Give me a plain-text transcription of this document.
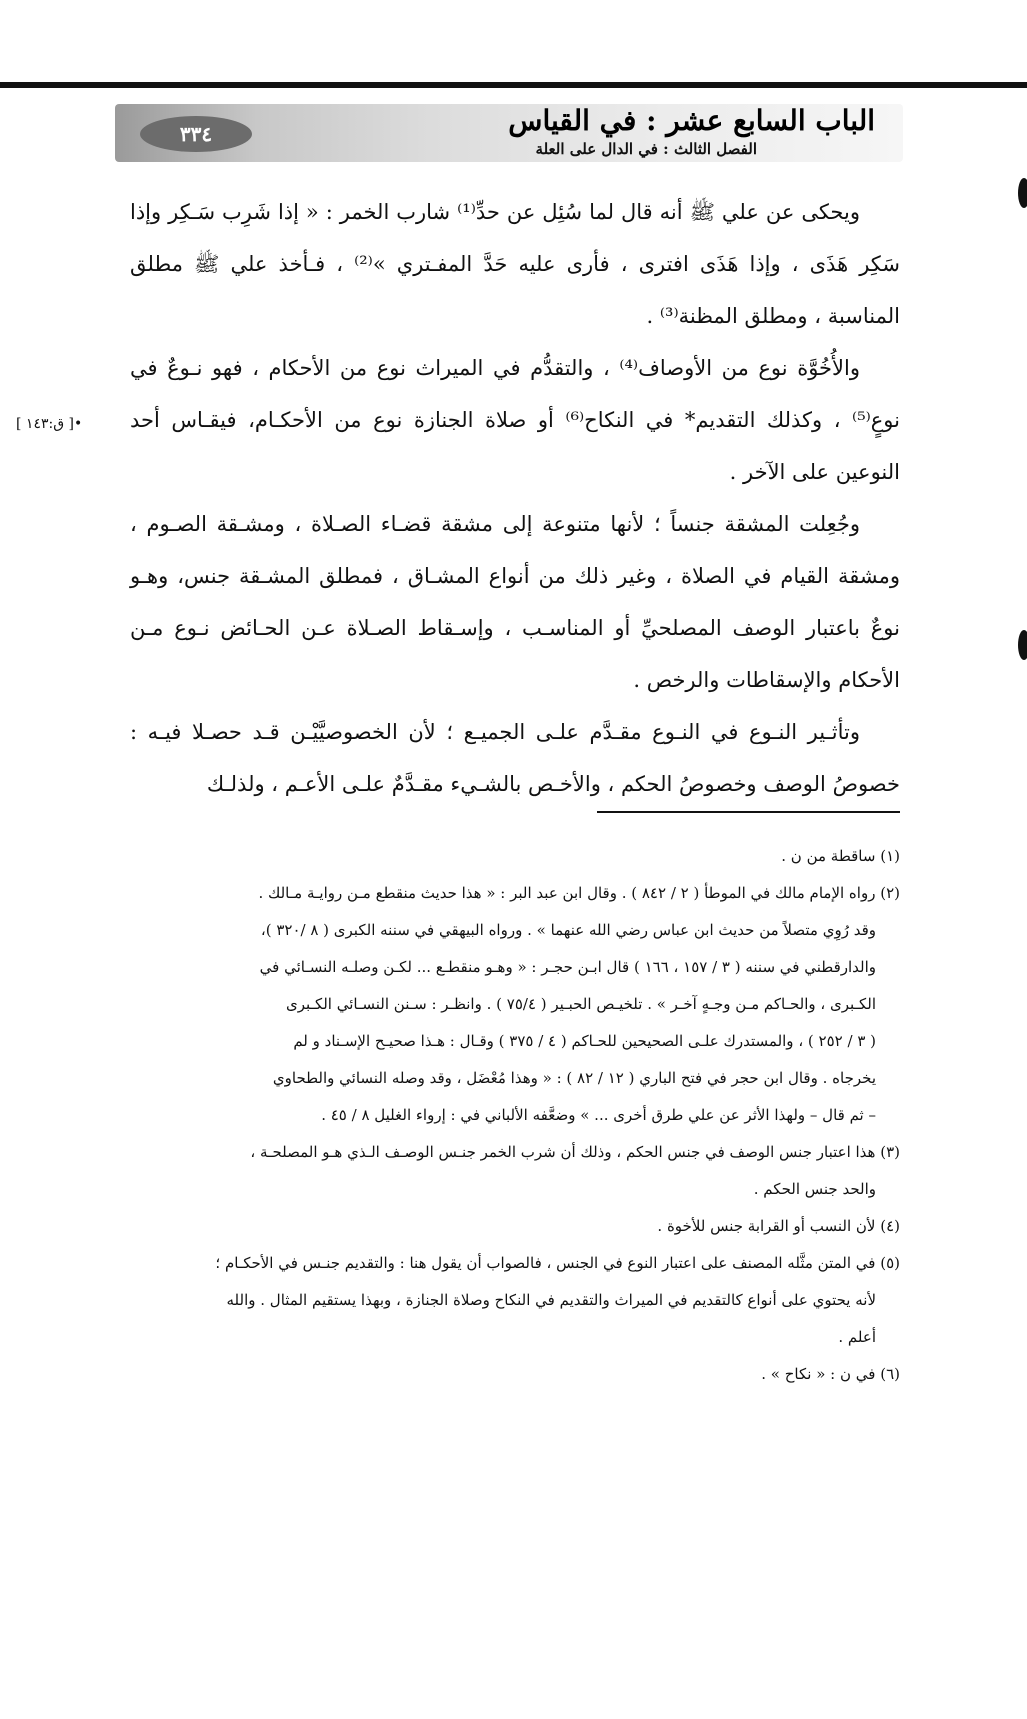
٣٣٤	الباب السابع عشر : في القياس
الفصل الثالث : في الدال على العلة
•[ ق:١٤٣ ]

ويحكى عن علي ﷺ أنه قال لما سُئِل عن حدِّ⁽¹⁾ شارب الخمر : « إذا شَرِب سَـكِر وإذا سَكِر هَذَى ، وإذا هَذَى افترى ، فأرى عليه حَدَّ المفـتري »⁽²⁾ ، فـأخذ علي ﷺ مطلق المناسبة ، ومطلق المظنة⁽³⁾ .

والأُخُوَّة نوع من الأوصاف⁽⁴⁾ ، والتقدُّم في الميراث نوع من الأحكام ، فهو نـوعٌ في نوعٍ⁽⁵⁾ ، وكذلك التقديم* في النكاح⁽⁶⁾ أو صلاة الجنازة نوع من الأحكـام، فيقـاس أحد النوعين على الآخر .

وجُعِلت المشقة جنساً ؛ لأنها متنوعة إلى مشقة قضـاء الصـلاة ، ومشـقة الصـوم ، ومشقة القيام في الصلاة ، وغير ذلك من أنواع المشـاق ، فمطلق المشـقة جنس، وهـو نوعٌ باعتبار الوصف المصلحيِّ أو المناسـب ، وإسـقاط الصـلاة عـن الحـائض نـوع مـن الأحكام والإسقاطات والرخص .

وتأثـير النـوع في النـوع مقـدَّم علـى الجميـع ؛ لأن الخصوصيَّيْـن قـد حصـلا فيـه : خصوصُ الوصف وخصوصُ الحكم ، والأخـص بالشـيء مقـدَّمٌ علـى الأعـم ، ولذلـك

(١) ساقطة من ن .

(٢) رواه الإمام مالك في الموطأ ( ٢ / ٨٤٢ ) . وقال ابن عبد البر : « هذا حديث منقطع مـن روايـة مـالك .

وقد رُوِي متصلاً من حديث ابن عباس رضي الله عنهما » . ورواه البيهقي في سننه الكبرى ( ٨ /٣٢٠ )،

والدارقطني في سننه ( ٣ / ١٥٧ ، ١٦٦ ) قال ابـن حجـر : « وهـو منقطـع ... لكـن وصلـه النسـائي في

الكـبرى ، والحـاكم مـن وجـهٍ آخـر » . تلخيـص الحبـير ( ٧٥/٤ ) . وانظـر : سـنن النسـائي الكـبرى

( ٣ / ٢٥٢ ) ، والمستدرك علـى الصحيحين للحـاكم ( ٤ / ٣٧٥ ) وقـال : هـذا صحيـح الإسـناد و لم

يخرجاه . وقال ابن حجر في فتح الباري ( ١٢ / ٨٢ ) : « وهذا مُعْضَل ، وقد وصله النسائي والطحاوي

– ثم قال – ولهذا الأثر عن علي طرق أخرى ... » وضعَّفه الألباني في : إرواء الغليل ٨ / ٤٥ .

(٣) هذا اعتبار جنس الوصف في جنس الحكم ، وذلك أن شرب الخمر جنـس الوصـف الـذي هـو المصلحـة ،

والحد جنس الحكم .

(٤) لأن النسب أو القرابة جنس للأخوة .

(٥) في المتن مثَّله المصنف على اعتبار النوع في الجنس ، فالصواب أن يقول هنا : والتقديم جنـس في الأحكـام ؛

لأنه يحتوي على أنواع كالتقديم في الميراث والتقديم في النكاح وصلاة الجنازة ، وبهذا يستقيم المثال . والله

أعلم .

(٦) في ن : « نكاح » .
